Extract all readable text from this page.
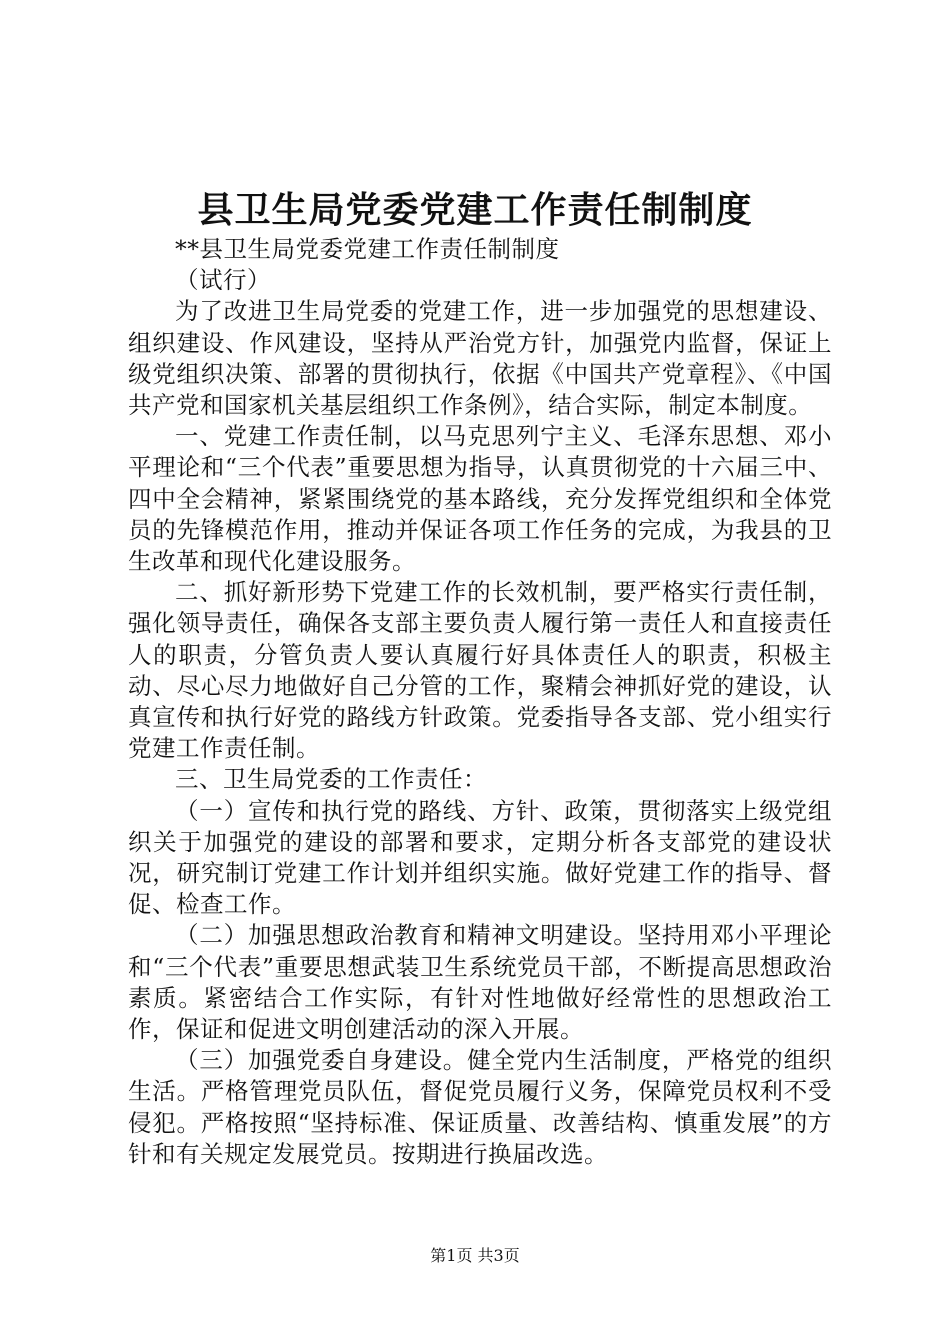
县卫生局党委党建工作责任制制度

**县卫生局党委党建工作责任制制度

（试行）

为了改进卫生局党委的党建工作，进一步加强党的思想建设、组织建设、作风建设，坚持从严治党方针，加强党内监督，保证上级党组织决策、部署的贯彻执行，依据《中国共产党章程》、《中国共产党和国家机关基层组织工作条例》，结合实际，制定本制度。

一、党建工作责任制，以马克思列宁主义、毛泽东思想、邓小平理论和“三个代表”重要思想为指导，认真贯彻党的十六届三中、四中全会精神，紧紧围绕党的基本路线，充分发挥党组织和全体党员的先锋模范作用，推动并保证各项工作任务的完成，为我县的卫生改革和现代化建设服务。

二、抓好新形势下党建工作的长效机制，要严格实行责任制，强化领导责任，确保各支部主要负责人履行第一责任人和直接责任人的职责，分管负责人要认真履行好具体责任人的职责，积极主动、尽心尽力地做好自己分管的工作，聚精会神抓好党的建设，认真宣传和执行好党的路线方针政策。党委指导各支部、党小组实行党建工作责任制。

三、卫生局党委的工作责任：

（一）宣传和执行党的路线、方针、政策，贯彻落实上级党组织关于加强党的建设的部署和要求，定期分析各支部党的建设状况，研究制订党建工作计划并组织实施。做好党建工作的指导、督促、检查工作。

（二）加强思想政治教育和精神文明建设。坚持用邓小平理论和“三个代表”重要思想武装卫生系统党员干部，不断提高思想政治素质。紧密结合工作实际，有针对性地做好经常性的思想政治工作，保证和促进文明创建活动的深入开展。

（三）加强党委自身建设。健全党内生活制度，严格党的组织生活。严格管理党员队伍，督促党员履行义务，保障党员权利不受侵犯。严格按照“坚持标准、保证质量、改善结构、慎重发展”的方针和有关规定发展党员。按期进行换届改选。

第1页 共3页
